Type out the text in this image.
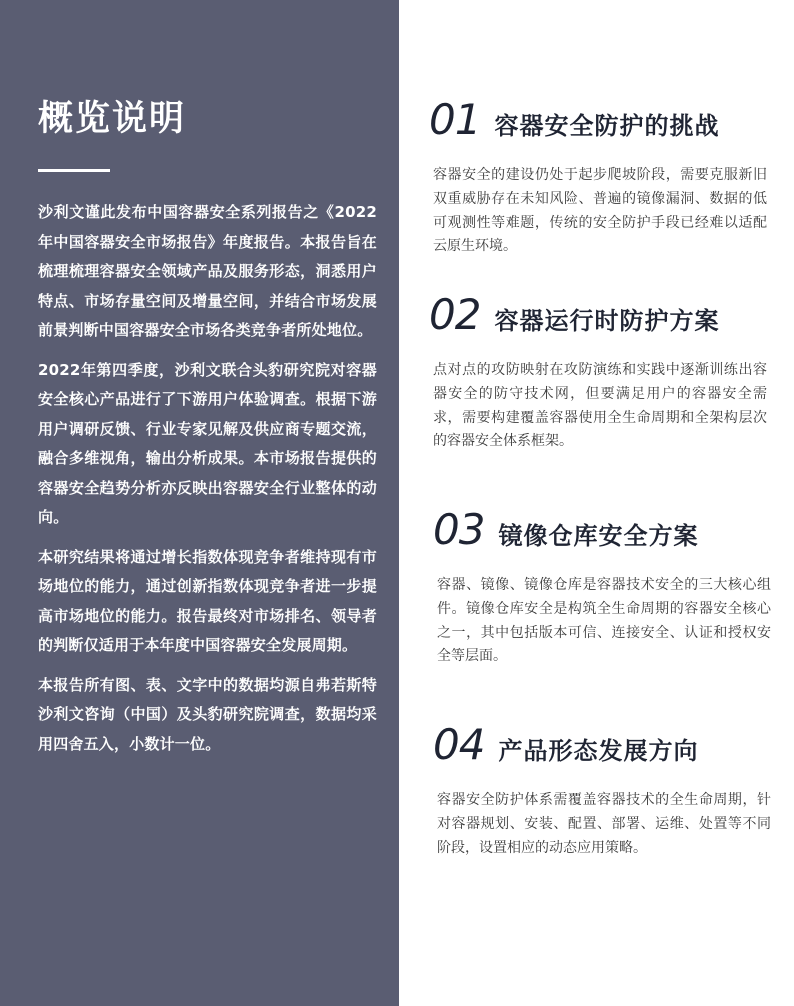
概览说明

沙利文谨此发布中国容器安全系列报告之《2022年中国容器安全市场报告》年度报告。本报告旨在梳理梳理容器安全领域产品及服务形态，洞悉用户特点、市场存量空间及增量空间，并结合市场发展前景判断中国容器安全市场各类竞争者所处地位。

2022年第四季度，沙利文联合头豹研究院对容器安全核心产品进行了下游用户体验调查。根据下游用户调研反馈、行业专家见解及供应商专题交流，融合多维视角，输出分析成果。本市场报告提供的容器安全趋势分析亦反映出容器安全行业整体的动向。

本研究结果将通过增长指数体现竞争者维持现有市场地位的能力，通过创新指数体现竞争者进一步提高市场地位的能力。报告最终对市场排名、领导者的判断仅适用于本年度中国容器安全发展周期。

本报告所有图、表、文字中的数据均源自弗若斯特沙利文咨询（中国）及头豹研究院调查，数据均采用四舍五入，小数计一位。

01 容器安全防护的挑战

容器安全的建设仍处于起步爬坡阶段，需要克服新旧双重威胁存在未知风险、普遍的镜像漏洞、数据的低可观测性等难题，传统的安全防护手段已经难以适配云原生环境。

02 容器运行时防护方案

点对点的攻防映射在攻防演练和实践中逐渐训练出容器安全的防守技术网，但要满足用户的容器安全需求，需要构建覆盖容器使用全生命周期和全架构层次的容器安全体系框架。

03 镜像仓库安全方案

容器、镜像、镜像仓库是容器技术安全的三大核心组件。镜像仓库安全是构筑全生命周期的容器安全核心之一，其中包括版本可信、连接安全、认证和授权安全等层面。

04 产品形态发展方向

容器安全防护体系需覆盖容器技术的全生命周期，针对容器规划、安装、配置、部署、运维、处置等不同阶段，设置相应的动态应用策略。
